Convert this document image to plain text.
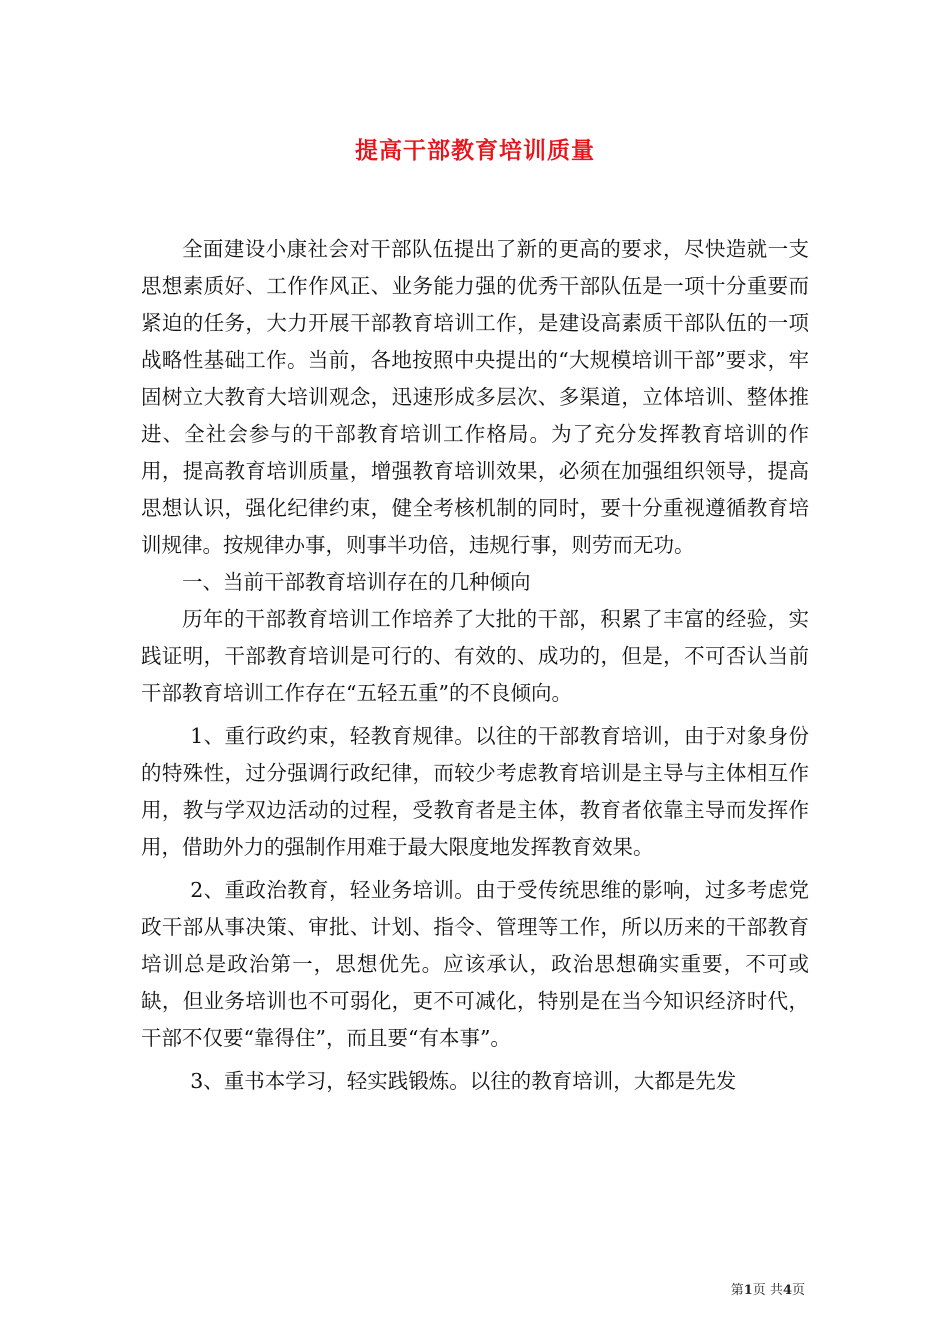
提高干部教育培训质量

全面建设小康社会对干部队伍提出了新的更高的要求，尽快造就一支思想素质好、工作作风正、业务能力强的优秀干部队伍是一项十分重要而紧迫的任务，大力开展干部教育培训工作，是建设高素质干部队伍的一项战略性基础工作。当前，各地按照中央提出的“大规模培训干部”要求，牢固树立大教育大培训观念，迅速形成多层次、多渠道，立体培训、整体推进、全社会参与的干部教育培训工作格局。为了充分发挥教育培训的作用，提高教育培训质量，增强教育培训效果，必须在加强组织领导，提高思想认识，强化纪律约束，健全考核机制的同时，要十分重视遵循教育培训规律。按规律办事，则事半功倍，违规行事，则劳而无功。

一、当前干部教育培训存在的几种倾向

历年的干部教育培训工作培养了大批的干部，积累了丰富的经验，实践证明，干部教育培训是可行的、有效的、成功的，但是，不可否认当前干部教育培训工作存在“五轻五重”的不良倾向。

1、重行政约束，轻教育规律。以往的干部教育培训，由于对象身份的特殊性，过分强调行政纪律，而较少考虑教育培训是主导与主体相互作用，教与学双边活动的过程，受教育者是主体，教育者依靠主导而发挥作用，借助外力的强制作用难于最大限度地发挥教育效果。

2、重政治教育，轻业务培训。由于受传统思维的影响，过多考虑党政干部从事决策、审批、计划、指令、管理等工作，所以历来的干部教育培训总是政治第一，思想优先。应该承认，政治思想确实重要，不可或缺，但业务培训也不可弱化，更不可减化，特别是在当今知识经济时代，干部不仅要“靠得住”，而且要“有本事”。

3、重书本学习，轻实践锻炼。以往的教育培训，大都是先发

第1页 共4页
